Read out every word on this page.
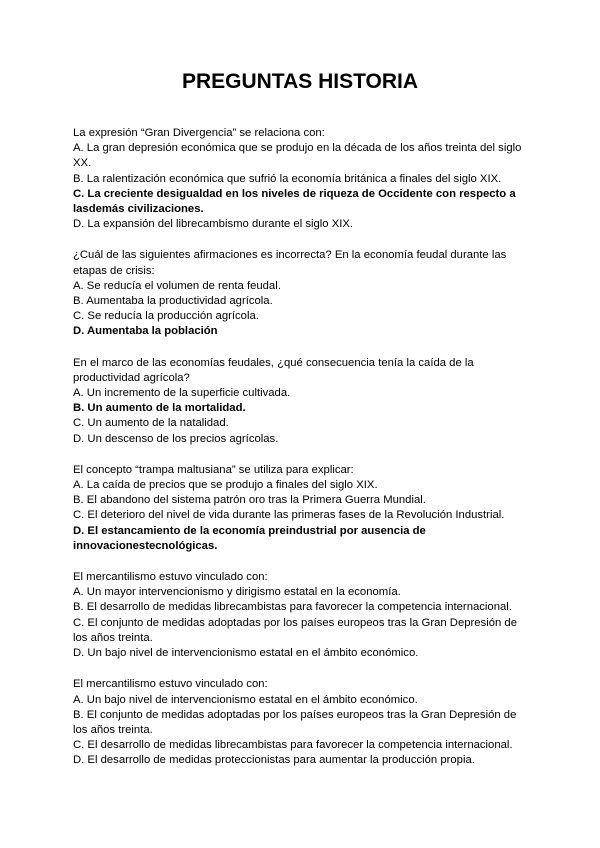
PREGUNTAS HISTORIA

La expresión “Gran Divergencia” se relaciona con:

A. La gran depresión económica que se produjo en la década de los años treinta del siglo XX.

B. La ralentización económica que sufrió la economía británica a finales del siglo XIX.

C. La creciente desigualdad en los niveles de riqueza de Occidente con respecto a lasdemás civilizaciones.

D. La expansión del librecambismo durante el siglo XIX.

¿Cuál de las siguientes afirmaciones es incorrecta? En la economía feudal durante las etapas de crisis:

A. Se reducía el volumen de renta feudal.

B. Aumentaba la productividad agrícola.

C. Se reducía la producción agrícola.

D. Aumentaba la población

En el marco de las economías feudales, ¿qué consecuencia tenía la caída de la productividad agrícola?

A. Un incremento de la superficie cultivada.

B. Un aumento de la mortalidad.

C. Un aumento de la natalidad.

D. Un descenso de los precios agrícolas.

El concepto “trampa maltusiana” se utiliza para explicar:

A. La caída de precios que se produjo a finales del siglo XIX.

B. El abandono del sistema patrón oro tras la Primera Guerra Mundial.

C. El deterioro del nivel de vida durante las primeras fases de la Revolución Industrial.

D. El estancamiento de la economía preindustrial por ausencia de innovacionestecnológicas.

El mercantilismo estuvo vinculado con:

A. Un mayor intervencionismo y dirigismo estatal en la economía.

B. El desarrollo de medidas librecambistas para favorecer la competencia internacional.

C. El conjunto de medidas adoptadas por los países europeos tras la Gran Depresión de los años treinta.

D. Un bajo nivel de intervencionismo estatal en el ámbito económico.

El mercantilismo estuvo vinculado con:

A. Un bajo nivel de intervencionismo estatal en el ámbito económico.

B. El conjunto de medidas adoptadas por los países europeos tras la Gran Depresión de los años treinta.

C. El desarrollo de medidas librecambistas para favorecer la competencia internacional.

D. El desarrollo de medidas proteccionistas para aumentar la producción propia.
